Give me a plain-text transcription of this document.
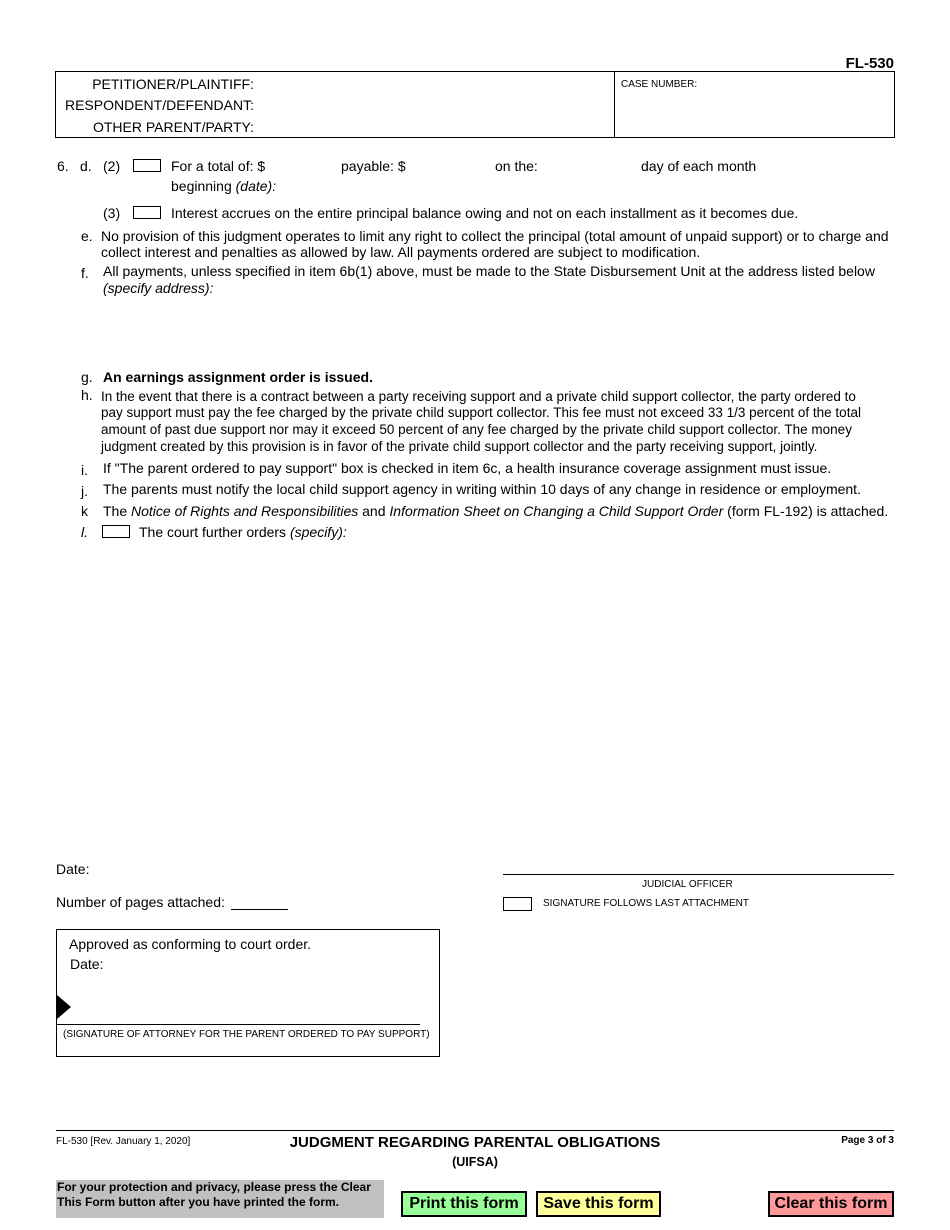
FL-530
PETITIONER/PLAINTIFF:
RESPONDENT/DEFENDANT:
OTHER PARENT/PARTY:
CASE NUMBER:
6. d. (2)	For a total of: $	payable: $	on the:	day of each month
beginning (date):
(3)	Interest accrues on the entire principal balance owing and not on each installment as it becomes due.
e. No provision of this judgment operates to limit any right to collect the principal (total amount of unpaid support) or to charge and
collect interest and penalties as allowed by law. All payments ordered are subject to modification.
f. All payments, unless specified in item 6b(1) above, must be made to the State Disbursement Unit at the address listed below
(specify address):
g. An earnings assignment order is issued.
h. In the event that there is a contract between a party receiving support and a private child support collector, the party ordered to
pay support must pay the fee charged by the private child support collector. This fee must not exceed 33 1/3 percent of the total
amount of past due support nor may it exceed 50 percent of any fee charged by the private child support collector. The money
judgment created by this provision is in favor of the private child support collector and the party receiving support, jointly.
i. If "The parent ordered to pay support" box is checked in item 6c, a health insurance coverage assignment must issue.
j. The parents must notify the local child support agency in writing within 10 days of any change in residence or employment.
k The Notice of Rights and Responsibilities and Information Sheet on Changing a Child Support Order (form FL-192) is attached.
l.	The court further orders (specify):
Date:
Number of pages attached:
JUDICIAL OFFICER
SIGNATURE FOLLOWS LAST ATTACHMENT
Approved as conforming to court order.
Date:
(SIGNATURE OF ATTORNEY FOR THE PARENT ORDERED TO PAY SUPPORT)
FL-530 [Rev. January 1, 2020]	JUDGMENT REGARDING PARENTAL OBLIGATIONS
(UIFSA)
Page 3 of 3
For your protection and privacy, please press the Clear
This Form button after you have printed the form.	Print this form	Save this form	Clear this form
